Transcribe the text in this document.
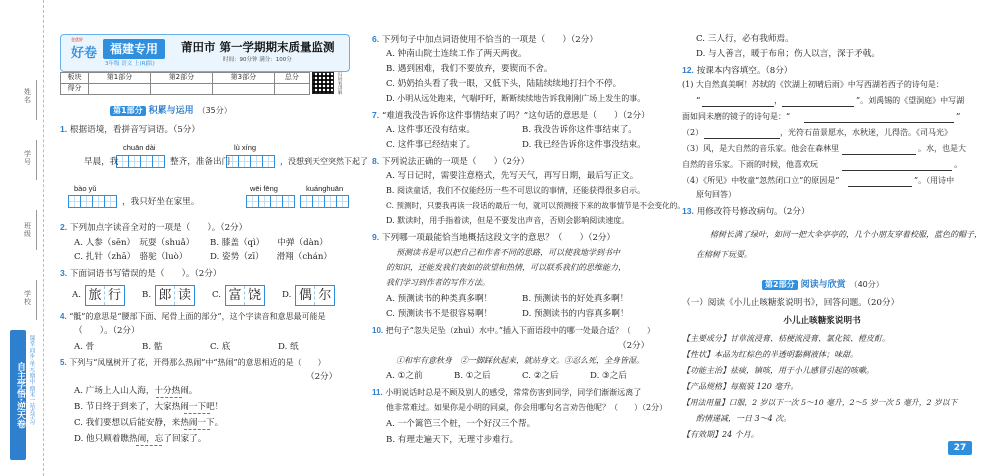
姓名
学号
班级
学校
自主学悟·逆天卷 课堂·同步·单元·期中·期末一站式学习
全优好
好卷	福建专用
3年级 语文 上(RJ版)
莆田市 第一学期期末质量监测
时间：90分钟 满分：100分
板块	第1部分	第2部分	第3部分	总分	
得分						扫码看讲解
第1部分 积累与运用 （35分）
1. 根据语境，看拼音写词语。（5分）
chuān dài	lù xíng
早晨，我	整齐，准备出门	，没想到天空突然下起了
bào yǔ	wēi fēng	kuánghuān
，我只好坐在家里。
2. 下列加点字读音全对的一项是（　　）。（2分）
A. 人参（sēn）　玩耍（shuǎ） B. 膝盖（qì）　　中弹（dàn）
C. 扎针（zhā）　骆驼（luò）	D. 姿势（zī）　　滑翔（chán）
3. 下面词语书写错误的是（　　）。（2分）
A. 旅 行	B. 郎 读	C. 富 饶	D. 偶 尔
4. “骶”的意思是“腰部下面、尾骨上面的部分”，这个字读音和意思最可能是
（　　）。（2分）
A. 骨	B. 骷	C. 底	D. 纸
5. 下列与“凤凰树开了花，开得那么热闹”中“热闹”的意思相近的是（　　）
（2分）
A. 广场上人山人海，十分热闹。
B. 节日终于到来了，大家热闹一下吧！
C. 我们要想以后能安静，来热闹一下。
D. 他只顾着瞧热闹，忘了回家了。
6. 下列句子中加点词语使用不恰当的一项是（　　）（2分）
A. 钟南山院士连续工作了两天两夜。
B. 遇到困难，我们不要放弃，要锲而不舍。
C. 奶奶抬头看了我一眼，又低下头，陆陆续续地打扫个不停。
D. 小明从远处跑来，气喘吁吁，断断续续地告诉我刚刚广场上发生的事。
7. “难道我没告诉你这件事情结束了吗？”这句话的意思是（　　）（2分）
A. 这件事还没有结束。	B. 我没告诉你这件事结束了。
C. 这件事已经结束了。	D. 我已经告诉你这件事没结束。
8. 下列说法正确的一项是（　　）（2分）
A. 写日记时，需要注意格式，先写天气，再写日期，最后写正文。
B. 阅读童话，我们不仅能经历一些不可思议的事情，还能获得很多启示。
C. 预测时，只要我再读一段话的最后一句，就可以预测接下来的故事情节是不会变化的。
D. 默读时，用手指着读，但是不要发出声音，否则会影响阅读速度。
9. 下列哪一项最能恰当地概括这段文字的意思？（　　）（2分）
预测读书是可以把自己和作者不同的思路，可以使我地学到书中
的知识，还能发我们表如的欲望和热情，可以联系我们的思维能力，
我们学习到作者的写作方法。
A. 预测读书的种类真多啊！	B. 预测读书的好处真多啊！
C. 预测读书不是很容易啊！	D. 预测读书的内容真多啊！
10. 把句子“忽失足坠（zhuì）水中。”插入下面语段中的哪一处最合适？（　　）
（2分）
①和牢有意秋身　②一脚踩伙起来，就站身文。③忍么死，全身皆湿。
A. ①之前	B. ①之后	C. ②之后	D. ③之后
11. 小明说话时总是不顾及别人的感受，常常伤害到同学，同学们渐渐远离了
他非常难过。如果你是小明的同桌，你会用哪句名言劝告他呢？（　　）（2分）
A. 一个篱笆三个桩，一个好汉三个帮。
B. 有理走遍天下，无理寸步难行。
C. 三人行，必有我师焉。
D. 与人善言，暖于布帛；伤人以言，深于矛戟。
12. 按课本内容填空。（8分）
(1) 大自然真美啊！苏轼的《饮湖上初晴后雨》中写西湖若西子的诗句是：
“	，	”。刘禹锡的《望洞庭》中写湖
面如同未磨的镜子的诗句是：“	”
（2）	，光符石苗景愿水，水秋迷，儿得浩。《司马光》
（3）风，是大自然的音乐家。他会在森林里	。水，也是大
自然的音乐家。下雨的时候，他喜欢玩	。
（4）《所见》中牧童“忽然闭口立”的原因是“	”。（用诗中
原句回答）
13. 用修改符号修改病句。（2分）
榕树长满了绿叶，如同一把大伞亭亭的，几个小朋友穿着校服，蓝色的帽子，
在榕树下玩耍。
第2部分 阅读与欣赏 （40分）
（一）阅读《小儿止咳糖浆说明书》，回答问题。（20分）
小儿止咳糖浆说明书
【主要成分】甘草流浸膏、桔梗流浸膏、氯化铵、橙皮酊。
【性状】本品为红棕色的半透明黏稠液体；味甜。
【功能主治】祛痰，镇咳，用于小儿感冒引起的咳嗽。
【产品规格】每瓶装 120 毫升。
【用法用量】口服，2 岁以下一次 5～10 毫升，2～5 岁一次 5 毫升，2 岁以下
酌情递减，一日 3～4 次。
【有效期】24 个月。
27
